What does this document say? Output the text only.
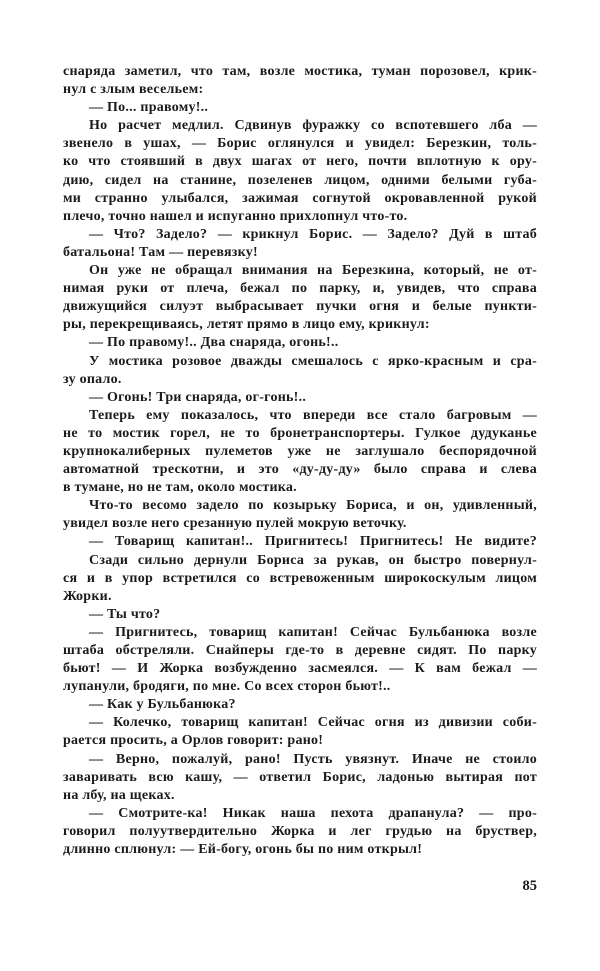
снаряда заметил, что там, возле мостика, туман порозовел, крик-
нул с злым весельем:
— По... правому!..
Но расчет медлил. Сдвинув фуражку со вспотевшего лба —
звенело в ушах, — Борис оглянулся и увидел: Березкин, толь-
ко что стоявший в двух шагах от него, почти вплотную к ору-
дию, сидел на станине, позеленев лицом, одними белыми губа-
ми странно улыбался, зажимая согнутой окровавленной рукой
плечо, точно нашел и испуганно прихлопнул что-то.
— Что? Задело? — крикнул Борис. — Задело? Дуй в штаб
батальона! Там — перевязку!
Он уже не обращал внимания на Березкина, который, не от-
нимая руки от плеча, бежал по парку, и, увидев, что справа
движущийся силуэт выбрасывает пучки огня и белые пункти-
ры, перекрещиваясь, летят прямо в лицо ему, крикнул:
— По правому!.. Два снаряда, огонь!..
У мостика розовое дважды смешалось с ярко-красным и сра-
зу опало.
— Огонь! Три снаряда, ог-гонь!..
Теперь ему показалось, что впереди все стало багровым —
не то мостик горел, не то бронетранспортеры. Гулкое дудуканье
крупнокалиберных пулеметов уже не заглушало беспорядочной
автоматной трескотни, и это «ду-ду-ду» было справа и слева
в тумане, но не там, около мостика.
Что-то весомо задело по козырьку Бориса, и он, удивленный,
увидел возле него срезанную пулей мокрую веточку.
— Товарищ капитан!.. Пригнитесь! Пригнитесь! Не видите?
Сзади сильно дернули Бориса за рукав, он быстро повернул-
ся и в упор встретился со встревоженным широкоскулым лицом
Жорки.
— Ты что?
— Пригнитесь, товарищ капитан! Сейчас Бульбанюка возле
штаба обстреляли. Снайперы где-то в деревне сидят. По парку
бьют! — И Жорка возбужденно засмеялся. — К вам бежал —
лупанули, бродяги, по мне. Со всех сторон бьют!..
— Как у Бульбанюка?
— Колечко, товарищ капитан! Сейчас огня из дивизии соби-
рается просить, а Орлов говорит: рано!
— Верно, пожалуй, рано! Пусть увязнут. Иначе не стоило
заваривать всю кашу, — ответил Борис, ладонью вытирая пот
на лбу, на щеках.
— Смотрите-ка! Никак наша пехота драпанула? — про-
говорил полуутвердительно Жорка и лег грудью на бруствер,
длинно сплюнул: — Ей-богу, огонь бы по ним открыл!
85
